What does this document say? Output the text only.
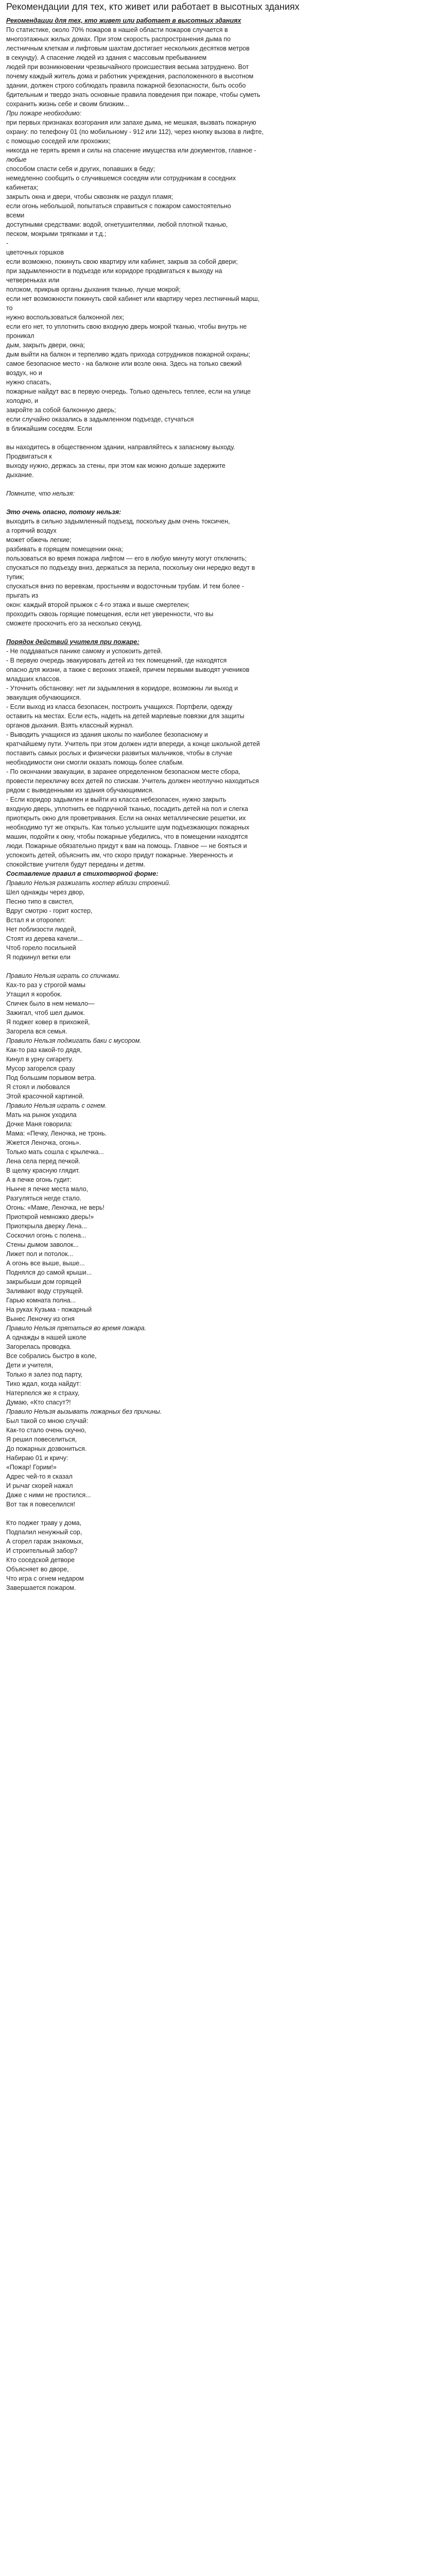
Рекомендации для тех, кто живет или работает в высотных зданиях
Рекомендации для тех, кто живет или работает в высотных зданиях
По статистике, около 70% пожаров в нашей области пожаров случается в
многоэтажных жилых домах. При этом скорость распространения дыма по
лестничным клеткам и лифтовым шахтам достигает нескольких десятков метров
в секунду). А спасение людей из здания с массовым пребыванием
людей при возникновении чрезвычайного происшествия весьма затруднено. Вот
почему каждый житель дома и работник учреждения, расположенного в высотном
здании, должен строго соблюдать правила пожарной безопасности, быть особо
бдительным и твердо знать основные правила поведения при пожаре, чтобы суметь
сохранить жизнь себе и своим близким...
При пожаре необходимо:
при первых признаках возгорания или запахе дыма, не мешкая, вызвать пожарную
охрану: по телефону 01 (по мобильному - 912 или 112), через кнопку вызова в лифте,
с помощью соседей или прохожих;
никогда не терять время и силы на спасение имущества или документов, главное -
любые
способом спасти себя и других, попавших в беду;
немедленно сообщить о случившемся соседям или сотрудникам в соседних
кабинетах;
закрыть окна и двери, чтобы сквозняк не раздул пламя;
если огонь небольшой, попытаться справиться с пожаром самостоятельно
всеми
доступными средствами: водой, огнетушителями, любой плотной тканью,
песком, мокрыми тряпками и т.д.;
-
цветочных горшков
если возможно, покинуть свою квартиру или кабинет, закрыв за собой двери;
при задымленности в подъезде или коридоре продвигаться к выходу на
четвереньках или
ползком, прикрыв органы дыхания тканью, лучше мокрой;
если нет возможности покинуть свой кабинет или квартиру через лестничный марш,
то
нужно воспользоваться балконной лех;
если его нет, то уплотнить свою входную дверь мокрой тканью, чтобы внутрь не
проникал
дым, закрыть двери, окна;
дым выйти на балкон и терпеливо ждать прихода сотрудников пожарной охраны;
самое безопасное место - на балконе или возле окна. Здесь на только свежий
воздух, но и
нужно спасать,
пожарные найдут вас в первую очередь. Только оденьтесь теплее, если на улице
холодно, и
закройте за собой балконную дверь;
если случайно оказались в задымленном подъезде, стучаться
в ближайшим соседям. Если
вы находитесь в общественном здании, направляйтесь к запасному выходу.
Продвигаться к
выходу нужно, держась за стены, при этом как можно дольше задержите
дыхание.
Помните, что нельзя:
Это очень опасно, потому нельзя:
выходить в сильно задымленный подъезд, поскольку дым очень токсичен,
а горячий воздух
может обжечь легкие;
разбивать в горящем помещении окна;
пользоваться во время пожара лифтом — его в любую минуту могут отключить;
спускаться по подъезду вниз, держаться за перила, поскольку они нередко ведут в
тупик;
спускаться вниз по веревкам, простыням и водосточным трубам. И тем более -
прыгать из
окон: каждый второй прыжок с 4-го этажа и выше смертелен;
проходить сквозь горящие помещения, если нет уверенности, что вы
сможете проскочить его за несколько секунд.
Порядок действий учителя при пожаре:
- Не поддаваться панике самому и успокоить детей.
- В первую очередь эвакуировать детей из тех помещений, где находятся
опасно для жизни, а также с верхних этажей, причем первыми выводят учеников
младших классов.
- Уточнить обстановку: нет ли задымления в коридоре, возможны ли выход и
эвакуация обучающихся.
- Если выход из класса безопасен, построить учащихся. Портфели, одежду
оставить на местах. Если есть, надеть на детей марлевые повязки для защиты
органов дыхания. Взять классный журнал.
- Выводить учащихся из здания школы по наиболее безопасному и
кратчайшему пути. Учитель при этом должен идти впереди, а конце школьной детей
поставить самых рослых и физически развитых мальчиков, чтобы в случае
необходимости они смогли оказать помощь более слабым.
- По окончании эвакуации, в заранее определенном безопасном месте сбора,
провести перекличку всех детей по спискам. Учитель должен неотлучно находиться
рядом с выведенными из здания обучающимися.
- Если коридор задымлен и выйти из класса небезопасен, нужно закрыть
входную дверь, уплотнить ее подручной тканью, посадить детей на пол и слегка
приоткрыть окно для проветривания. Если на окнах металлические решетки, их
необходимо тут же открыть. Как только услышите шум подъезжающих пожарных
машин, подойти к окну, чтобы пожарные убедились, что в помещении находятся
люди. Пожарные обязательно придут к вам на помощь. Главное — не бояться и
успокоить детей, объяснить им, что скоро придут пожарные. Уверенность и
спокойствие учителя будут переданы и детям.
Составление правил в стихотворной форме:
Правило Нельзя разжигать костер вблизи строений.
Шел однажды через двор,
Песню типо в свистел,
Вдруг смотрю - горит костер,
Встал я и оторопел:
Нет поблизости людей,
Стоят из дерева качели...
Чтоб горело посильней
Я подкинул ветки ели
Правило Нельзя играть со спичками.
Ках-то раз у строгой мамы
Утащил я коробок.
Спичек было в нем немало—
Зажигал, чтоб шел дымок.
Я поджег ковер в прихожей,
Загорела вся семья.
Правило Нельзя поджигать баки с мусором.
Как-то раз какой-то дядя,
Кинул в урну сигарету.
Мусор загорелся сразу
Под большим порывом ветра.
Я стоял и любовался
Этой красочной картиной.
Правило Нельзя играть с огнем.
Мать на рынок уходила
Дочке Маня говорила:
Мама: «Печку, Леночка, не тронь.
Жжется Леночка, огонь».
Только мать сошла с крылечка...
Лена села перед печкой.
В щелку красную глядит.
А в печке огонь гудит:
Нынче я печке места мало,
Разгуляться негде стало.
Огонь: «Маме, Леночка, не верь!
Приоткрой немножко дверь!»
Приоткрыла дверку Лена...
Соскочил огонь с полена...
Стены дымом заволок...
Лижет пол и потолок...
А огонь все выше, выше...
Поднялся до самой крыши...
закрыбыши дом горящей
Заливают воду струящей.
Гарью комната полна...
На руках Кузьма - пожарный
Вынес Леночку из огня
Правило Нельзя прятаться во время пожара.
А однажды в нашей школе
Загорелась проводка.
Все собрались быстро в коле,
Дети и учителя,
Только я залез под парту,
Тихо ждал, когда найдут:
Натерпелся же я страху,
Думаю, «Кто спасут?!
Правило Нельзя вызывать пожарных без причины.
Был такой со мною случай:
Как-то стало очень скучно,
Я решил повеселиться,
До пожарных дозвониться.
Набираю 01 и кричу:
«Пожар! Горим!»
Адрес чей-то я сказал
И рычаг скорей нажал
Даже с ними не простился...
Вот так я повеселился!
Кто поджег траву у дома,
Подпалил ненужный сор,
А сгорел гараж знакомых,
И строительный забор?
Кто соседской детворе
Объясняет во дворе,
Что игра с огнем недаром
Завершается пожаром.
